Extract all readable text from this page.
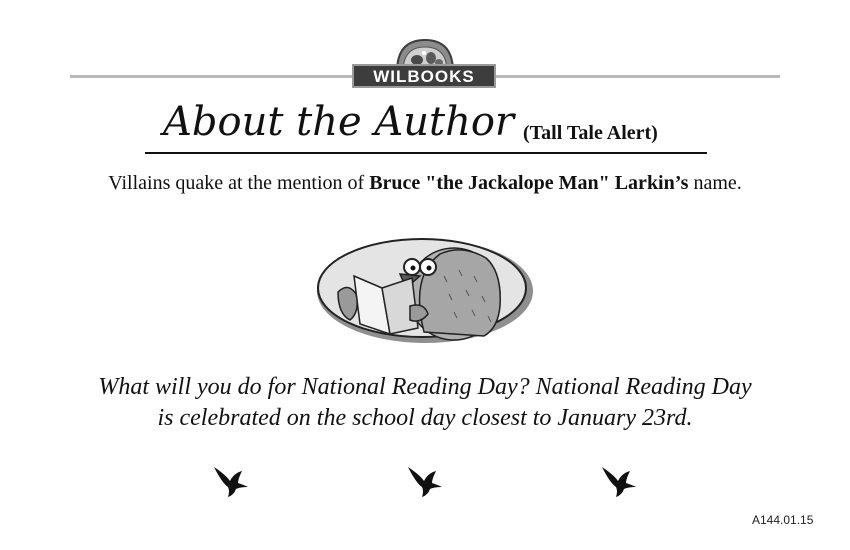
WILBOOKS
About the Author (Tall Tale Alert)
Villains quake at the mention of Bruce "the Jackalope Man" Larkin’s name.
What will you do for National Reading Day? National Reading Day
is celebrated on the school day closest to January 23rd.
A144.01.15
